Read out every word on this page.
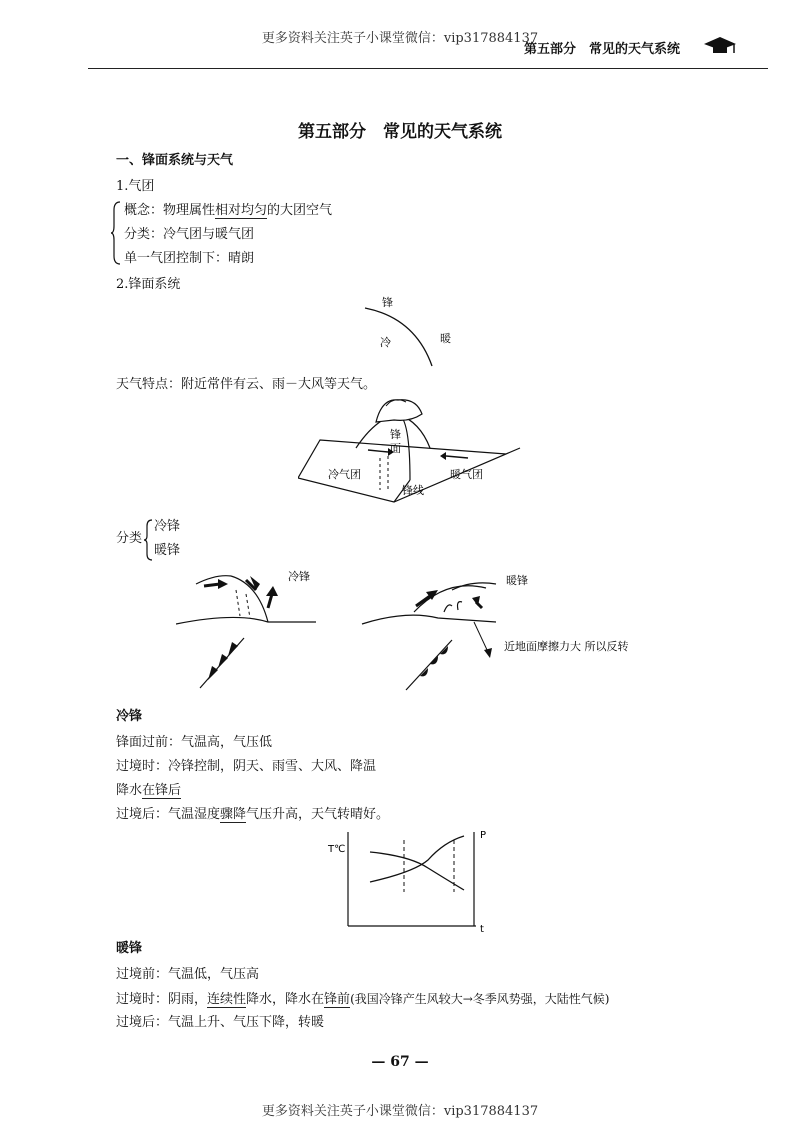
更多资料关注英子小课堂微信：vip317884137
第五部分　常见的天气系统
第五部分　常见的天气系统
一、锋面系统与天气
1.气团
概念：物理属性相对均匀的大团空气
分类：冷气团与暖气团
单一气团控制下：晴朗
2.锋面系统
锋
冷	暖
天气特点：附近常伴有云、雨－大风等天气。
锋
面
冷气团	暖气团
锋线
分类
冷锋
暖锋
冷锋	暖锋
近地面摩擦力大 所以反转
冷锋
锋面过前：气温高，气压低
过境时：冷锋控制，阴天、雨雪、大风、降温
降水在锋后
过境后：气温湿度骤降气压升高，天气转晴好。
T℃
P
t
暖锋
过境前：气温低，气压高
过境时：阴雨，连续性降水，降水在锋前(我国冷锋产生风较大→冬季风势强，大陆性气候)
过境后：气温上升、气压下降，转暖
— 67 —
更多资料关注英子小课堂微信：vip317884137
